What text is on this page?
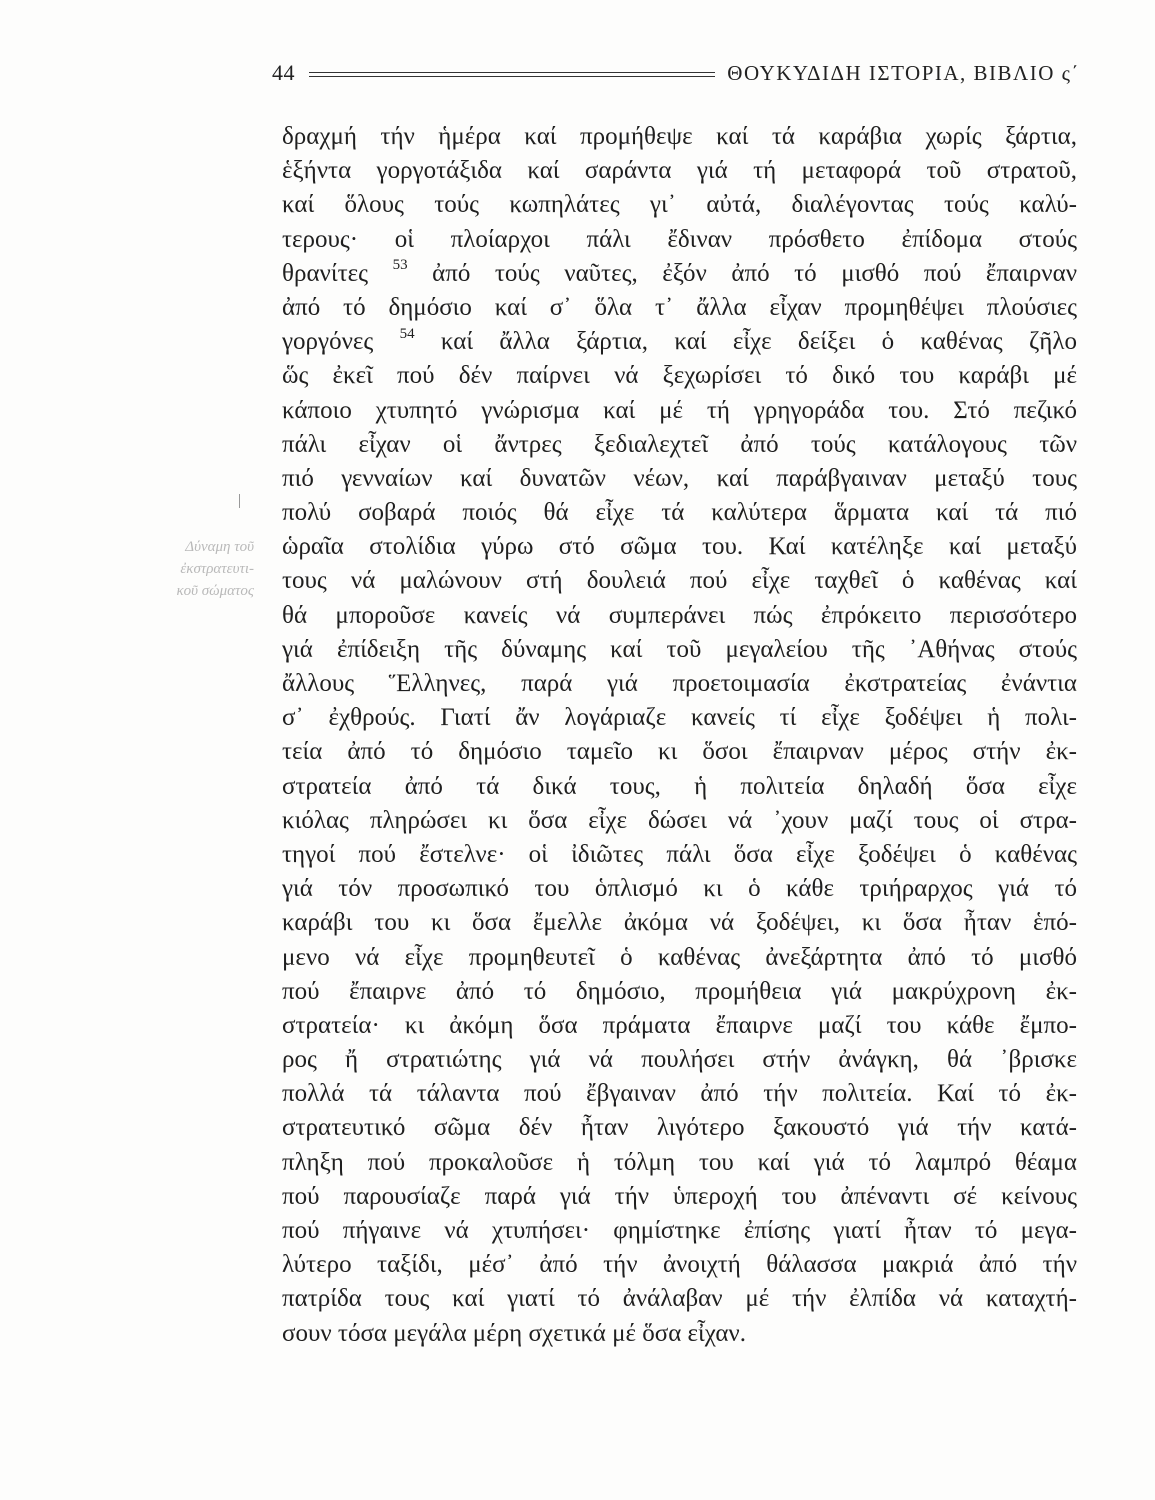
44	ΘΟΥΚΥΔΙΔΗ ΙΣΤΟΡΙΑ, ΒΙΒΛΙΟ ς΄
Δύναμη τοῦ
ἐκστρατευτι-
κοῦ σώματος
δραχμή τήν ἡμέρα καί προμήθεψε καί τά καράβια χωρίς ξάρτια,
ἑξήντα γοργοτάξιδα καί σαράντα γιά τή μεταφορά τοῦ στρατοῦ,
καί ὅλους τούς κωπηλάτες γι᾿ αὐτά, διαλέγοντας τούς καλύ-
τερους· οἱ πλοίαρχοι πάλι ἔδιναν πρόσθετο ἐπίδομα στούς
θρανίτες $^{53}$ ἀπό τούς ναῦτες, ἐξόν ἀπό τό μισθό πού ἔπαιρναν
ἀπό τό δημόσιο καί σ᾿ ὅλα τ᾿ ἄλλα εἶχαν προμηθέψει πλούσιες
γοργόνες $^{54}$ καί ἄλλα ξάρτια, καί εἶχε δείξει ὁ καθένας ζῆλο
ὥς ἐκεῖ πού δέν παίρνει νά ξεχωρίσει τό δικό του καράβι μέ
κάποιο χτυπητό γνώρισμα καί μέ τή γρηγοράδα του. Στό πεζικό
πάλι εἶχαν οἱ ἄντρες ξεδιαλεχτεῖ ἀπό τούς κατάλογους τῶν
πιό γενναίων καί δυνατῶν νέων, καί παράβγαιναν μεταξύ τους
πολύ σοβαρά ποιός θά εἶχε τά καλύτερα ἅρματα καί τά πιό
ὡραῖα στολίδια γύρω στό σῶμα του. Καί κατέληξε καί μεταξύ
τους νά μαλώνουν στή δουλειά πού εἶχε ταχθεῖ ὁ καθένας καί
θά μποροῦσε κανείς νά συμπεράνει πώς ἐπρόκειτο περισσότερο
γιά ἐπίδειξη τῆς δύναμης καί τοῦ μεγαλείου τῆς ᾿Αθήνας στούς
ἄλλους Ἕλληνες, παρά γιά προετοιμασία ἐκστρατείας ἐνάντια
σ᾿ ἐχθρούς. Γιατί ἄν λογάριαζε κανείς τί εἶχε ξοδέψει ἡ πολι-
τεία ἀπό τό δημόσιο ταμεῖο κι ὅσοι ἔπαιρναν μέρος στήν ἐκ-
στρατεία ἀπό τά δικά τους, ἡ πολιτεία δηλαδή ὅσα εἶχε
κιόλας πληρώσει κι ὅσα εἶχε δώσει νά ᾿χουν μαζί τους οἱ στρα-
τηγοί πού ἔστελνε· οἱ ἰδιῶτες πάλι ὅσα εἶχε ξοδέψει ὁ καθένας
γιά τόν προσωπικό του ὁπλισμό κι ὁ κάθε τριήραρχος γιά τό
καράβι του κι ὅσα ἔμελλε ἀκόμα νά ξοδέψει, κι ὅσα ἦταν ἑπό-
μενο νά εἶχε προμηθευτεῖ ὁ καθένας ἀνεξάρτητα ἀπό τό μισθό
πού ἔπαιρνε ἀπό τό δημόσιο, προμήθεια γιά μακρύχρονη ἐκ-
στρατεία· κι ἀκόμη ὅσα πράματα ἔπαιρνε μαζί του κάθε ἔμπο-
ρος ἤ στρατιώτης γιά νά πουλήσει στήν ἀνάγκη, θά ᾿βρισκε
πολλά τά τάλαντα πού ἔβγαιναν ἀπό τήν πολιτεία. Καί τό ἐκ-
στρατευτικό σῶμα δέν ἦταν λιγότερο ξακουστό γιά τήν κατά-
πληξη πού προκαλοῦσε ἡ τόλμη του καί γιά τό λαμπρό θέαμα
πού παρουσίαζε παρά γιά τήν ὑπεροχή του ἀπέναντι σέ κείνους
πού πήγαινε νά χτυπήσει· φημίστηκε ἐπίσης γιατί ἦταν τό μεγα-
λύτερο ταξίδι, μέσ᾿ ἀπό τήν ἀνοιχτή θάλασσα μακριά ἀπό τήν
πατρίδα τους καί γιατί τό ἀνάλαβαν μέ τήν ἐλπίδα νά καταχτή-
σουν τόσα μεγάλα μέρη σχετικά μέ ὅσα εἶχαν.
